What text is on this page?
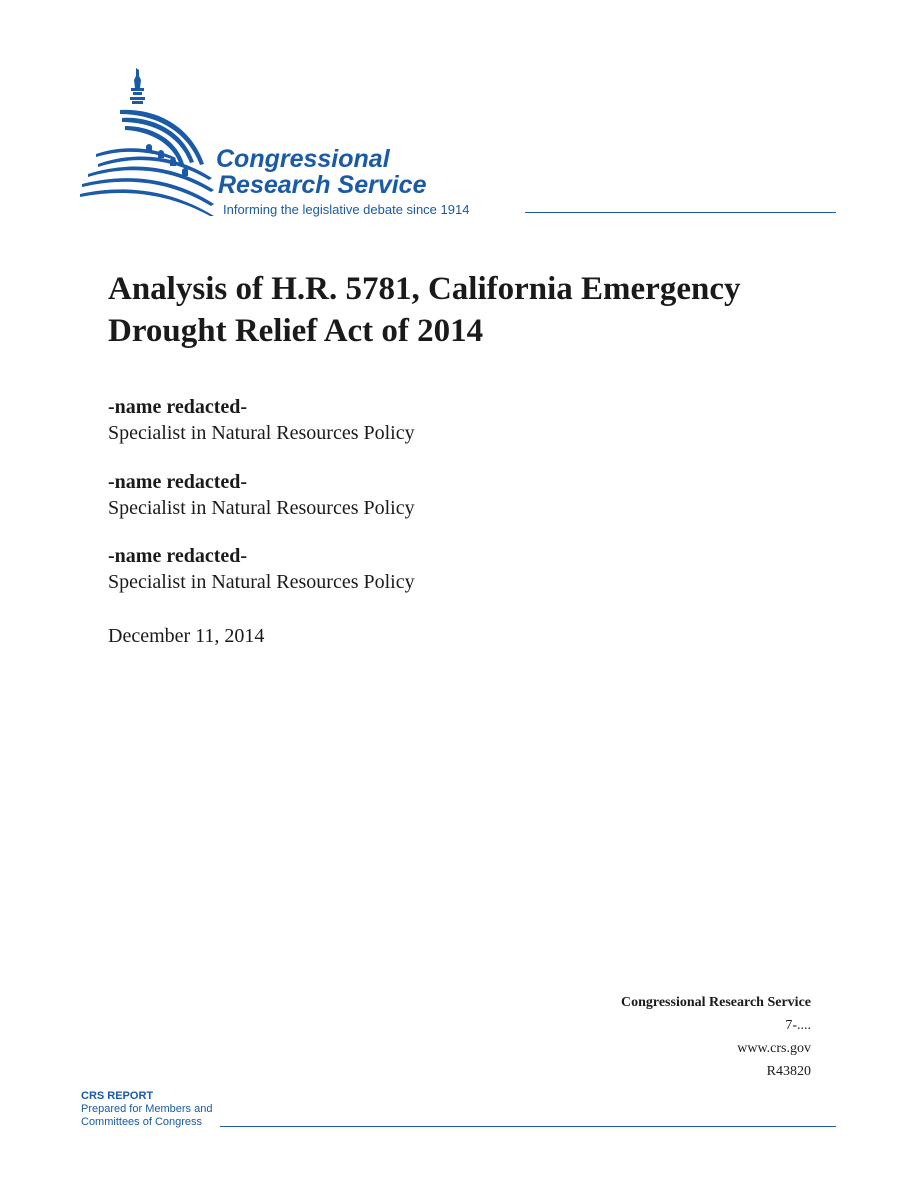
Congressional
Research Service
Informing the legislative debate since 1914
Analysis of H.R. 5781, California Emergency Drought Relief Act of 2014
-name redacted-
Specialist in Natural Resources Policy
-name redacted-
Specialist in Natural Resources Policy
-name redacted-
Specialist in Natural Resources Policy
December 11, 2014
Congressional Research Service
7-....
www.crs.gov
R43820
CRS REPORT
Prepared for Members and
Committees of Congress
